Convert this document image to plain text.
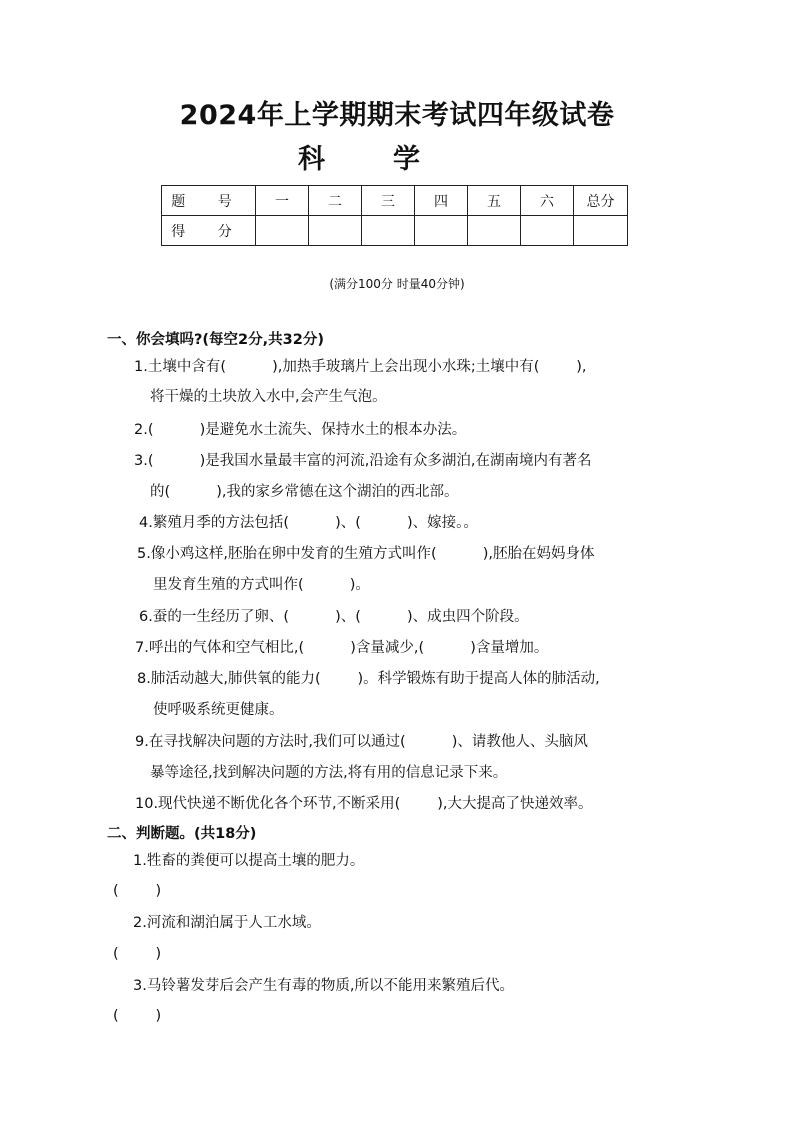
2024年上学期期末考试四年级试卷
科学
题 号	一	二	三	四	五	六	总分
得 分							
(满分100分 时量40分钟)
一、你会填吗?(每空2分,共32分)
1.土壤中含有(          ),加热手玻璃片上会出现小水珠;土壤中有(        ),
将干燥的土块放入水中,会产生气泡。
2.(          )是避免水土流失、保持水土的根本办法。
3.(          )是我国水量最丰富的河流,沿途有众多湖泊,在湖南境内有著名
的(          ),我的家乡常德在这个湖泊的西北部。
4.繁殖月季的方法包括(          )、(          )、嫁接。。
5.像小鸡这样,胚胎在卵中发育的生殖方式叫作(          ),胚胎在妈妈身体
里发育生殖的方式叫作(          )。
6.蚕的一生经历了卵、(          )、(          )、成虫四个阶段。
7.呼出的气体和空气相比,(          )含量减少,(          )含量增加。
8.肺活动越大,肺供氧的能力(        )。科学锻炼有助于提高人体的肺活动,
使呼吸系统更健康。
9.在寻找解决问题的方法时,我们可以通过(          )、请教他人、头脑风
暴等途径,找到解决问题的方法,将有用的信息记录下来。
10.现代快递不断优化各个环节,不断采用(        ),大大提高了快递效率。
二、判断题。(共18分)
1.牲畜的粪便可以提高土壤的肥力。
(        )
2.河流和湖泊属于人工水域。
(        )
3.马铃薯发芽后会产生有毒的物质,所以不能用来繁殖后代。
(        )
